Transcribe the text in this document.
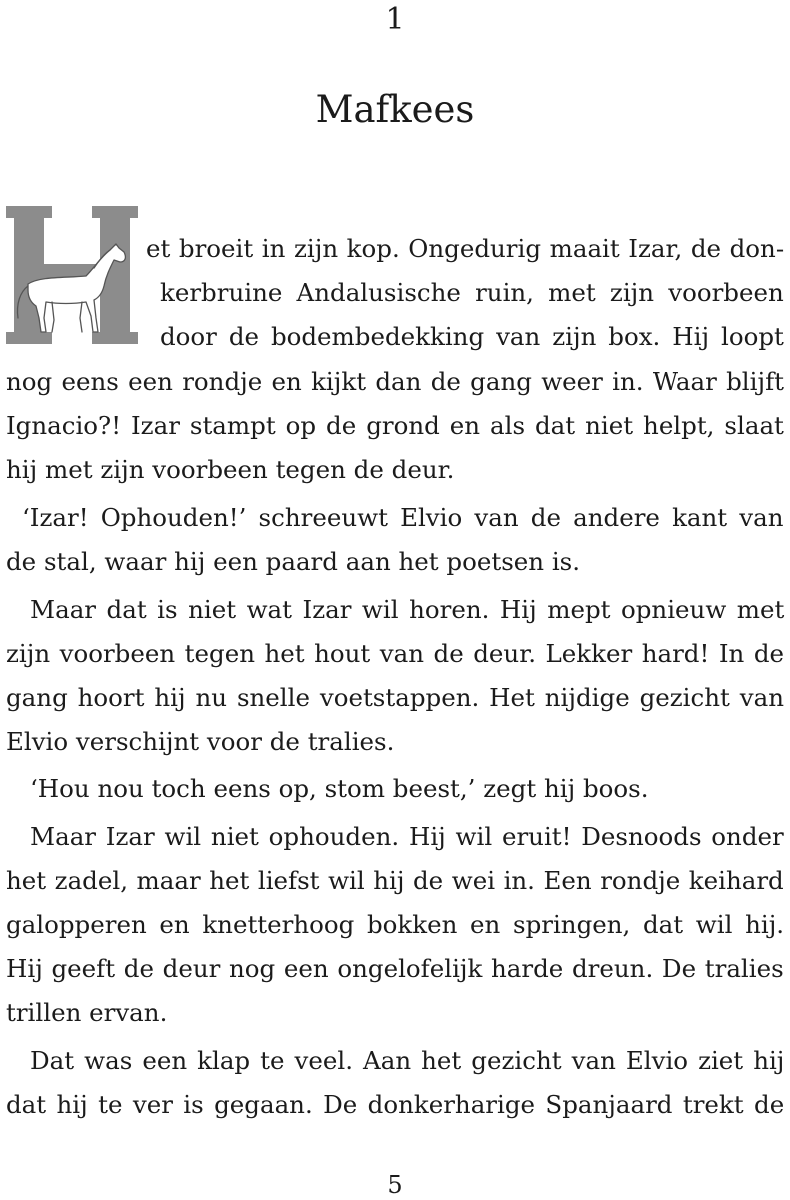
1
Mafkees

et broeit in zijn kop. Ongedurig maait Izar, de don-

kerbruine Andalusische ruin, met zijn voorbeen

door de bodembedekking van zijn box. Hij loopt

nog eens een rondje en kijkt dan de gang weer in. Waar blijft

Ignacio?! Izar stampt op de grond en als dat niet helpt, slaat

hij met zijn voorbeen tegen de deur.

‘Izar! Ophouden!’ schreeuwt Elvio van de andere kant van

de stal, waar hij een paard aan het poetsen is.

Maar dat is niet wat Izar wil horen. Hij mept opnieuw met

zijn voorbeen tegen het hout van de deur. Lekker hard! In de

gang hoort hij nu snelle voetstappen. Het nijdige gezicht van

Elvio verschijnt voor de tralies.

‘Hou nou toch eens op, stom beest,’ zegt hij boos.

Maar Izar wil niet ophouden. Hij wil eruit! Desnoods onder

het zadel, maar het liefst wil hij de wei in. Een rondje keihard

galopperen en knetterhoog bokken en springen, dat wil hij.

Hij geeft de deur nog een ongelofelijk harde dreun. De tralies

trillen ervan.

Dat was een klap te veel. Aan het gezicht van Elvio ziet hij

dat hij te ver is gegaan. De donkerharige Spanjaard trekt de

5
